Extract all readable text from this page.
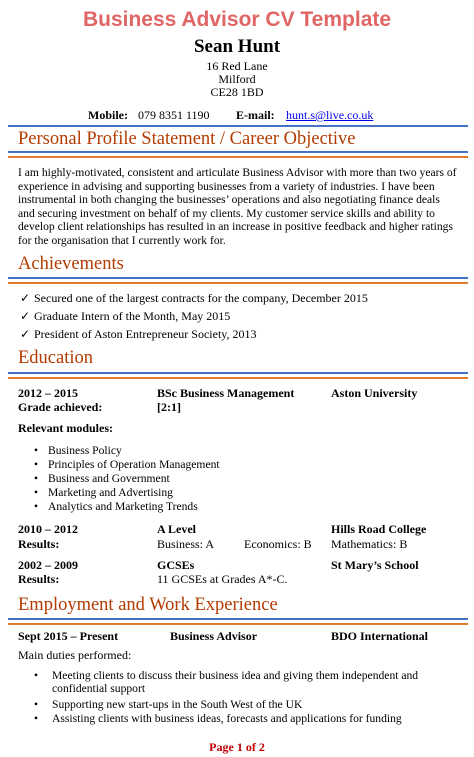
Business Advisor CV Template
Sean Hunt
16 Red Lane
Milford
CE28 1BD
Mobile: 079 8351 1190 E-mail: hunt.s@live.co.uk
Personal Profile Statement / Career Objective
I am highly-motivated, consistent and articulate Business Advisor with more than two years of experience in advising and supporting businesses from a variety of industries. I have been instrumental in both changing the businesses’ operations and also negotiating finance deals and securing investment on behalf of my clients. My customer service skills and ability to develop client relationships has resulted in an increase in positive feedback and higher ratings for the organisation that I currently work for.
Achievements
✓ Secured one of the largest contracts for the company, December 2015
✓ Graduate Intern of the Month, May 2015
✓ President of Aston Entrepreneur Society, 2013
Education
2012 – 2015	BSc Business Management	Aston University
Grade achieved:	[2:1]
Relevant modules:
• Business Policy
• Principles of Operation Management
• Business and Government
• Marketing and Advertising
• Analytics and Marketing Trends
2010 – 2012	A Level	Hills Road College
Results:	Business: A Economics: B Mathematics: B
2002 – 2009	GCSEs	St Mary’s School
Results:	11 GCSEs at Grades A*-C.
Employment and Work Experience
Sept 2015 – Present	Business Advisor	BDO International
Main duties performed:
•	Meeting clients to discuss their business idea and giving them independent and confidential support
•	Supporting new start-ups in the South West of the UK
•	Assisting clients with business ideas, forecasts and applications for funding
Page 1 of 2
